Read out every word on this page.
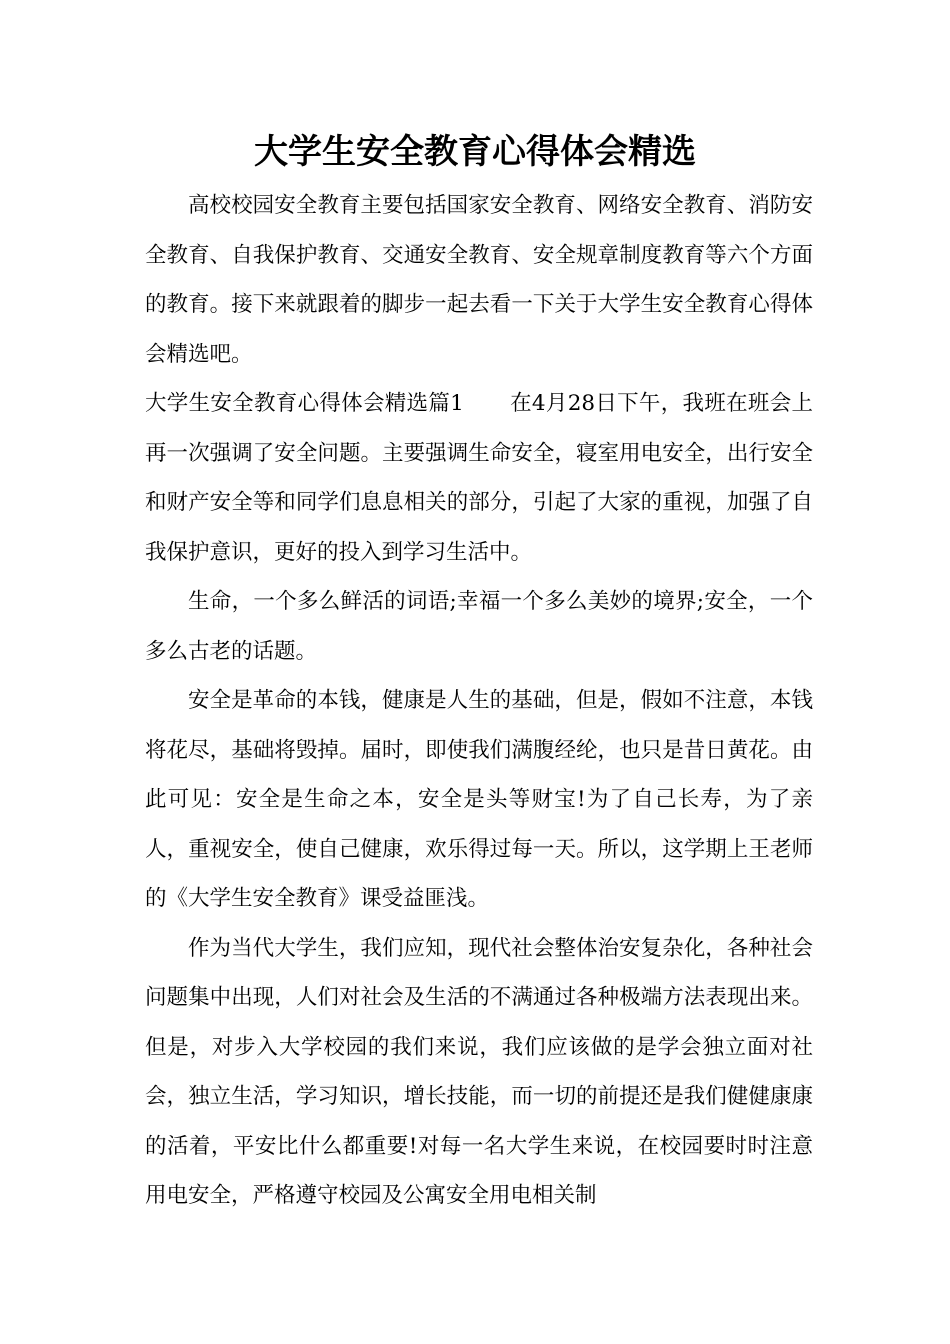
大学生安全教育心得体会精选

高校校园安全教育主要包括国家安全教育、网络安全教育、消防安全教育、自我保护教育、交通安全教育、安全规章制度教育等六个方面的教育。接下来就跟着的脚步一起去看一下关于大学生安全教育心得体会精选吧。

大学生安全教育心得体会精选篇1 在4月28日下午，我班在班会上再一次强调了安全问题。主要强调生命安全，寝室用电安全，出行安全和财产安全等和同学们息息相关的部分，引起了大家的重视，加强了自我保护意识，更好的投入到学习生活中。

生命，一个多么鲜活的词语;幸福一个多么美妙的境界;安全，一个多么古老的话题。

安全是革命的本钱，健康是人生的基础，但是，假如不注意，本钱将花尽，基础将毁掉。届时，即使我们满腹经纶，也只是昔日黄花。由此可见：安全是生命之本，安全是头等财宝!为了自己长寿，为了亲人，重视安全，使自己健康，欢乐得过每一天。所以，这学期上王老师的《大学生安全教育》课受益匪浅。

作为当代大学生，我们应知，现代社会整体治安复杂化，各种社会问题集中出现，人们对社会及生活的不满通过各种极端方法表现出来。但是，对步入大学校园的我们来说，我们应该做的是学会独立面对社会，独立生活，学习知识，增长技能，而一切的前提还是我们健健康康的活着，平安比什么都重要!对每一名大学生来说，在校园要时时注意用电安全，严格遵守校园及公寓安全用电相关制
